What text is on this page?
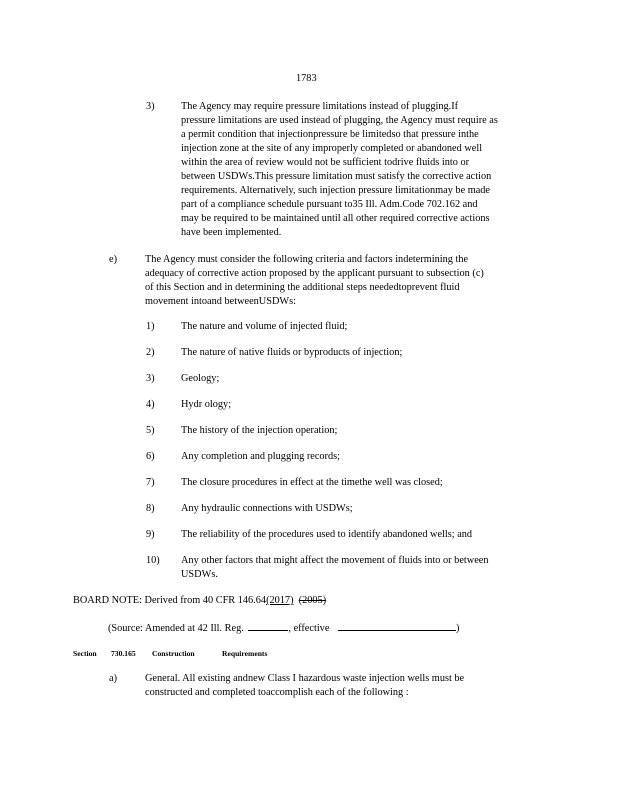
1783
3)	The Agency may require pressure limitations instead of plugging.If
pressure limitations are used instead of plugging, the Agency must require as
a permit condition that injectionpressure be limitedso that pressure inthe
injection zone at the site of any improperly completed or abandoned well
within the area of review would not be sufficient todrive fluids into or
between USDWs.This pressure limitation must satisfy the corrective action
requirements. Alternatively, such injection pressure limitationmay be made
part of a compliance schedule pursuant to35 Ill. Adm.Code 702.162 and
may be required to be maintained until all other required corrective actions
have been implemented.
e)	The Agency must consider the following criteria and factors indetermining the
adequacy of corrective action proposed by the applicant pursuant to subsection (c)
of this Section and in determining the additional steps neededtoprevent fluid
movement intoand betweenUSDWs:
1)	The nature and volume of injected fluid;
2)	The nature of native fluids or byproducts of injection;
3)	Geology;
4)	Hydr ology;
5)	The history of the injection operation;
6)	Any completion and plugging records;
7)	The closure procedures in effect at the timethe well was closed;
8)	Any hydraulic connections with USDWs;
9)	The reliability of the procedures used to identify abandoned wells; and
10) Any other factors that might affect the movement of fluids into or between
USDWs.
BOARD NOTE: Derived from 40 CFR 146.64(2017) (2005)
(Source: Amended at 42 Ill. Reg.	, effective	)
Section 730.165 Construction	Requirements
a)	General. All existing andnew Class I hazardous waste injection wells must be
constructed and completed toaccomplish each of the following :
